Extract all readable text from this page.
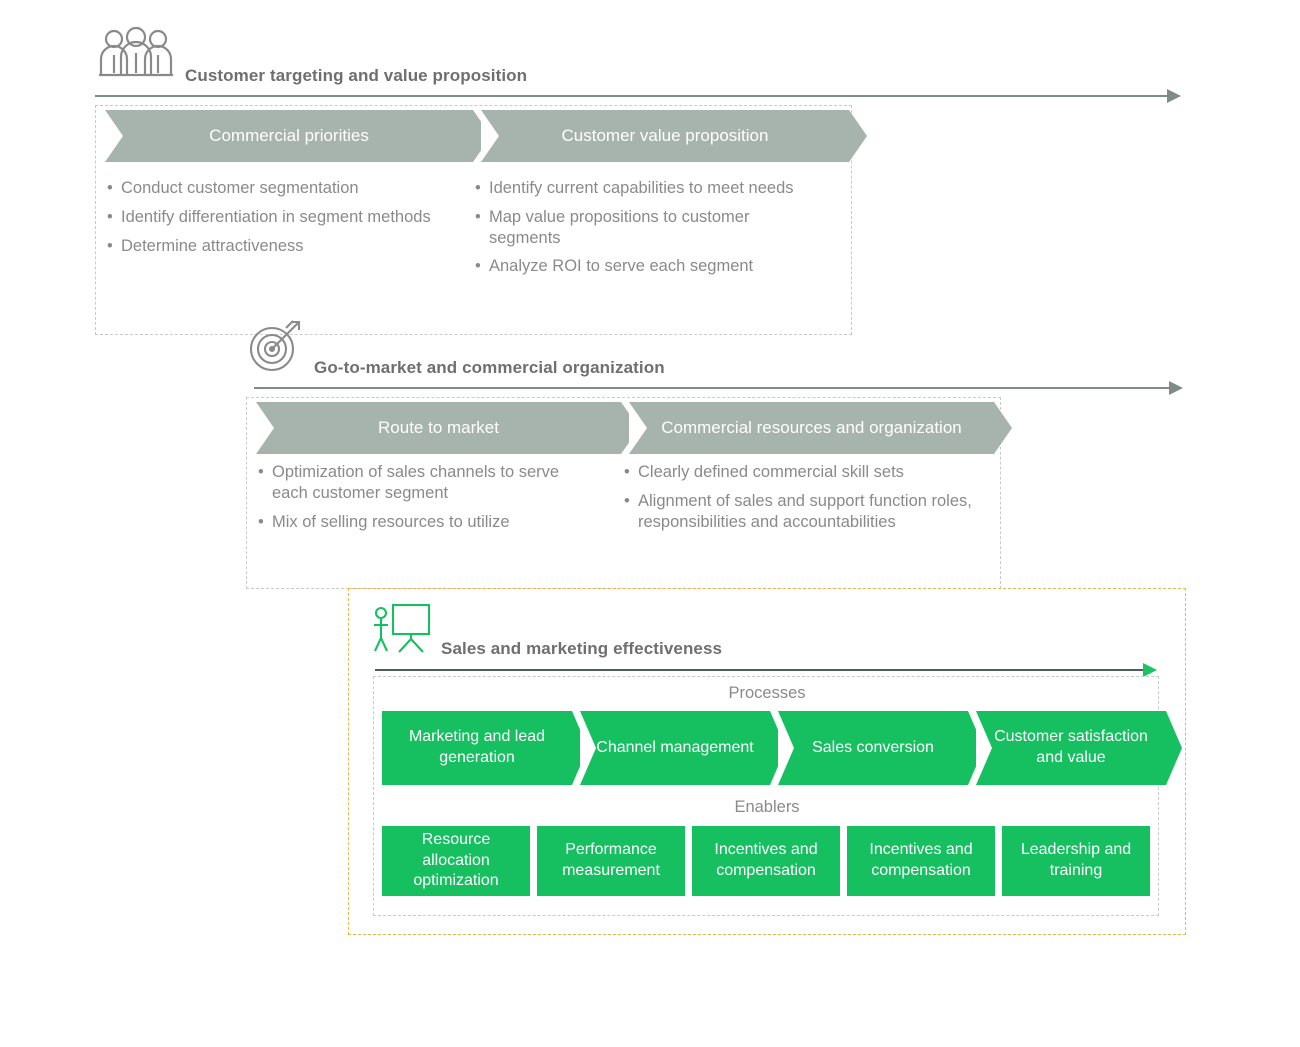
Customer targeting and value proposition
Commercial priorities	Customer value proposition
• Conduct customer segmentation
• Identify differentiation in segment methods
• Determine attractiveness
• Identify current capabilities to meet needs
• Map value propositions to customer segments
• Analyze ROI to serve each segment
Go-to-market and commercial organization
Route to market	Commercial resources and organization
• Optimization of sales channels to serve each customer segment
• Mix of selling resources to utilize
• Clearly defined commercial skill sets
• Alignment of sales and support function roles, responsibilities and accountabilities
Sales and marketing effectiveness
Processes
Marketing and lead generation
Channel management	Sales conversion
Customer satisfaction and value
Enablers
Resource allocation optimization
Performance measurement
Incentives and compensation
Incentives and compensation
Leadership and training
